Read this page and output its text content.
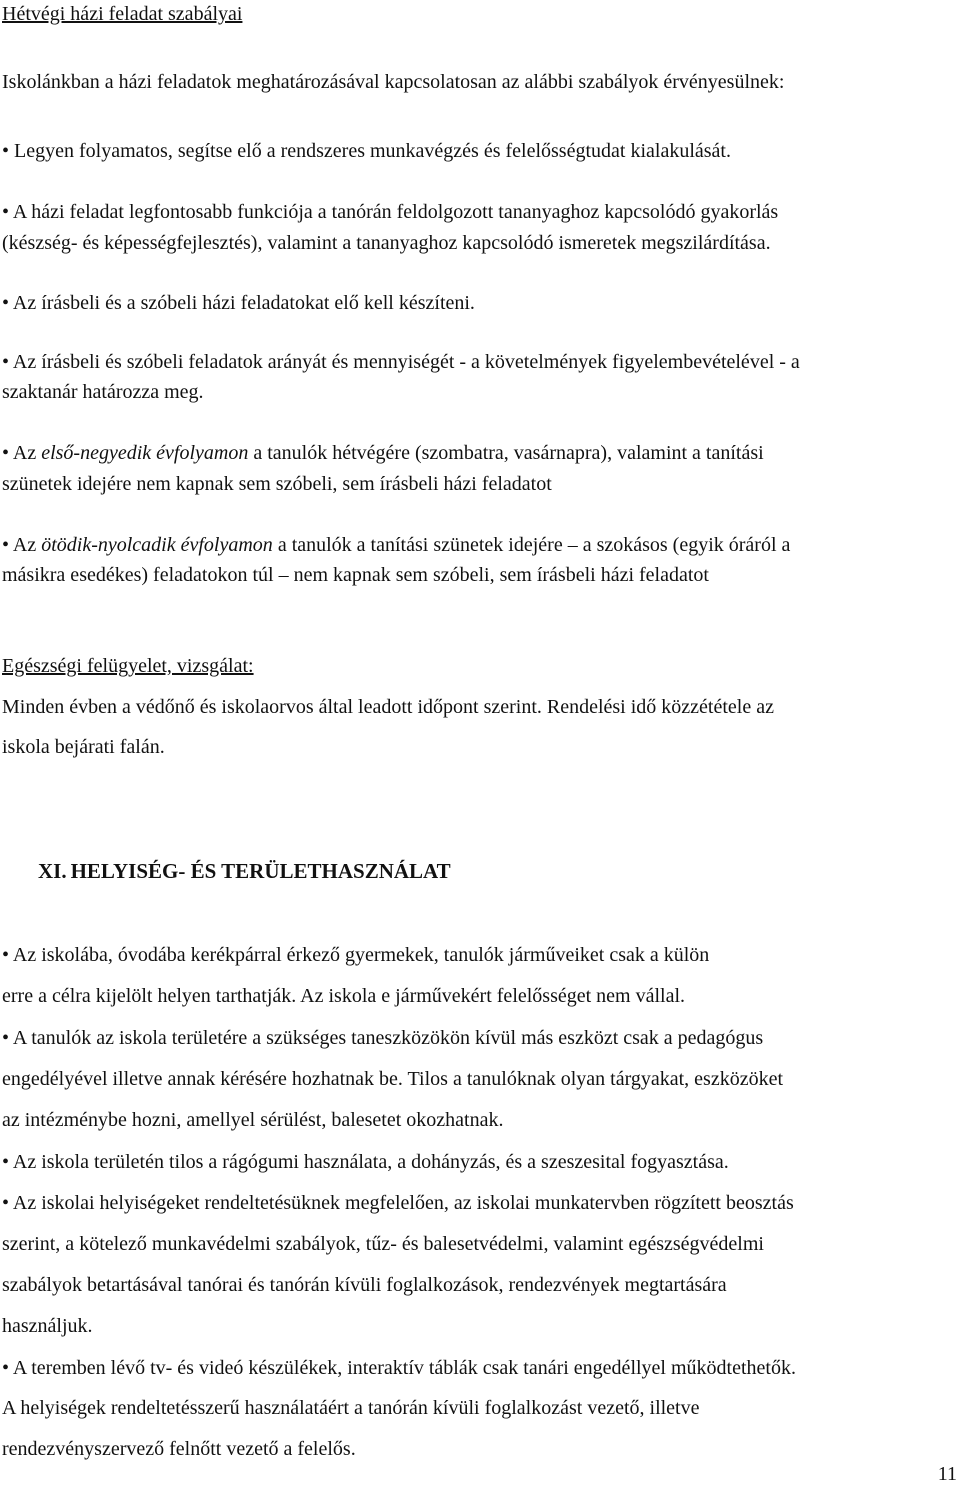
Hétvégi házi feladat szabályai

Iskolánkban a házi feladatok meghatározásával kapcsolatosan az alábbi szabályok érvényesülnek:

• Legyen folyamatos, segítse elő a rendszeres munkavégzés és felelősségtudat kialakulását.

• A házi feladat legfontosabb funkciója a tanórán feldolgozott tananyaghoz kapcsolódó gyakorlás

(készség- és képességfejlesztés), valamint a tananyaghoz kapcsolódó ismeretek megszilárdítása.

• Az írásbeli és a szóbeli házi feladatokat elő kell készíteni.

• Az írásbeli és szóbeli feladatok arányát és mennyiségét - a követelmények figyelembevételével - a

szaktanár határozza meg.

• Az első-negyedik évfolyamon a tanulók hétvégére (szombatra, vasárnapra), valamint a tanítási

szünetek idejére nem kapnak sem szóbeli, sem írásbeli házi feladatot

• Az ötödik-nyolcadik évfolyamon a tanulók a tanítási szünetek idejére – a szokásos (egyik óráról a

másikra esedékes) feladatokon túl – nem kapnak sem szóbeli, sem írásbeli házi feladatot

Egészségi felügyelet, vizsgálat:

Minden évben a védőnő és iskolaorvos által leadott időpont szerint. Rendelési idő közzététele az

iskola bejárati falán.

XI. HELYISÉG- ÉS TERÜLETHASZNÁLAT

• Az iskolába, óvodába kerékpárral érkező gyermekek, tanulók járműveiket csak a külön

erre a célra kijelölt helyen tarthatják. Az iskola e járművekért felelősséget nem vállal.

• A tanulók az iskola területére a szükséges taneszközökön kívül más eszközt csak a pedagógus

engedélyével illetve annak kérésére hozhatnak be. Tilos a tanulóknak olyan tárgyakat, eszközöket

az intézménybe hozni, amellyel sérülést, balesetet okozhatnak.

• Az iskola területén tilos a rágógumi használata, a dohányzás, és a szeszesital fogyasztása.

• Az iskolai helyiségeket rendeltetésüknek megfelelően, az iskolai munkatervben rögzített beosztás

szerint, a kötelező munkavédelmi szabályok, tűz- és balesetvédelmi, valamint egészségvédelmi

szabályok betartásával tanórai és tanórán kívüli foglalkozások, rendezvények megtartására

használjuk.

• A teremben lévő tv- és videó készülékek, interaktív táblák csak tanári engedéllyel működtethetők.

A helyiségek rendeltetésszerű használatáért a tanórán kívüli foglalkozást vezető, illetve

rendezvényszervező felnőtt vezető a felelős.

11
